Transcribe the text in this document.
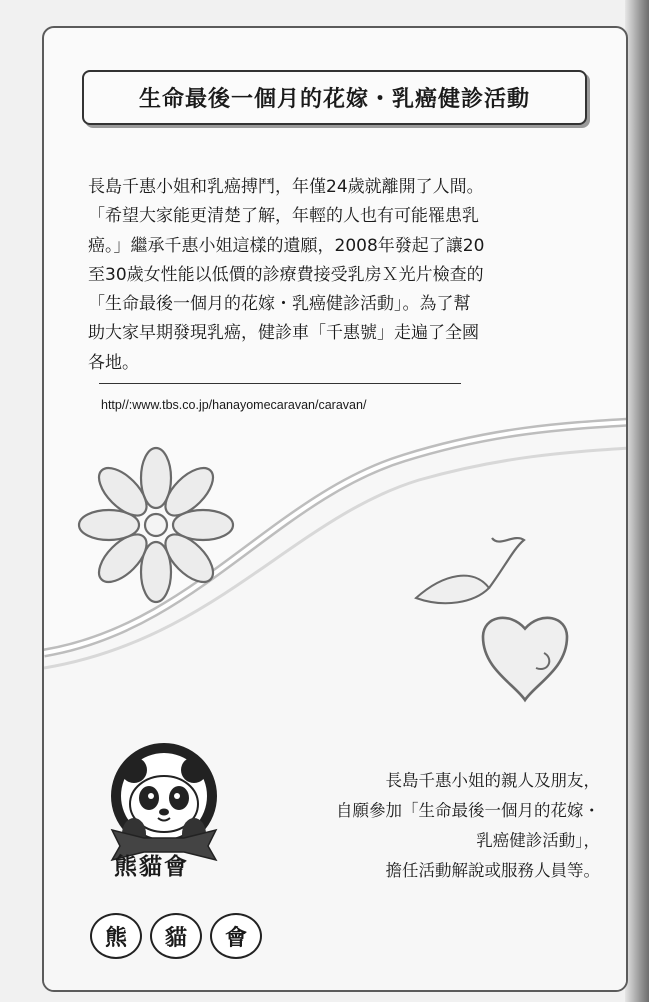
生命最後一個月的花嫁・乳癌健診活動

長島千惠小姐和乳癌搏鬥，年僅24歲就離開了人間。
「希望大家能更清楚了解，年輕的人也有可能罹患乳
癌。」繼承千惠小姐這樣的遺願，2008年發起了讓20
至30歲女性能以低價的診療費接受乳房Ｘ光片檢查的
「生命最後一個月的花嫁・乳癌健診活動」。為了幫
助大家早期發現乳癌，健診車「千惠號」走遍了全國
各地。

http//:www.tbs.co.jp/hanayomecaravan/caravan/
熊貓會

長島千惠小姐的親人及朋友，
自願參加「生命最後一個月的花嫁・
乳癌健診活動」，
擔任活動解說或服務人員等。

熊	貓	會
